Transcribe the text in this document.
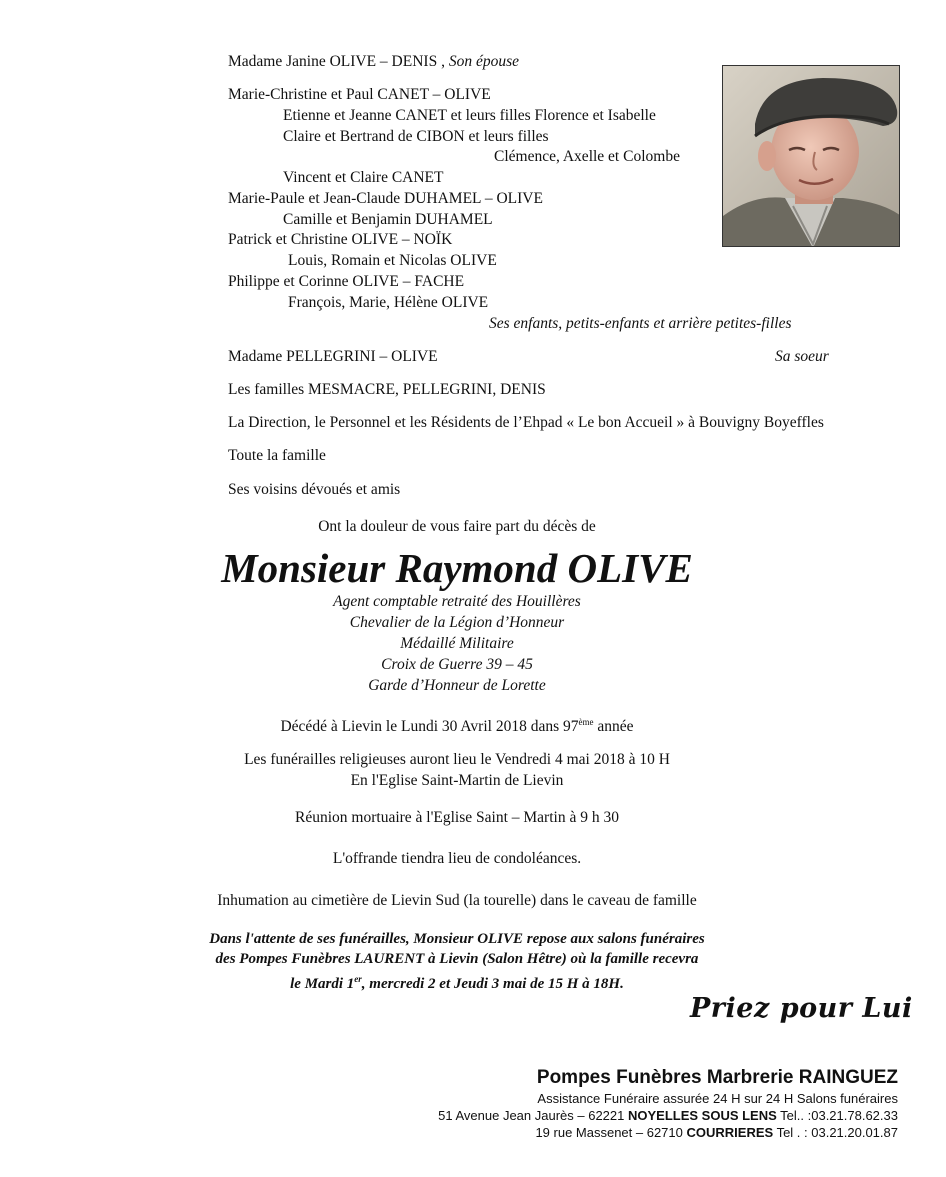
Madame Janine OLIVE – DENIS , Son épouse
Marie-Christine et Paul CANET – OLIVE
Etienne et Jeanne CANET et leurs filles Florence et Isabelle
Claire et Bertrand de CIBON et leurs filles
Clémence, Axelle et Colombe
Vincent et Claire CANET
Marie-Paule et Jean-Claude DUHAMEL – OLIVE
Camille et Benjamin DUHAMEL
Patrick et Christine OLIVE – NOÏK
Louis, Romain et Nicolas OLIVE
Philippe et Corinne OLIVE – FACHE
François, Marie, Hélène OLIVE
Ses enfants, petits-enfants et arrière petites-filles
Madame PELLEGRINI – OLIVE	Sa soeur
Les familles MESMACRE, PELLEGRINI, DENIS
La Direction, le Personnel et les Résidents de l’Ehpad « Le bon Accueil » à Bouvigny Boyeffles
Toute la famille
Ses voisins dévoués et amis
Ont la douleur de vous faire part du décès de
Monsieur Raymond OLIVE
Agent comptable retraité des Houillères
Chevalier de la Légion d’Honneur
Médaillé Militaire
Croix de Guerre 39 – 45
Garde d’Honneur de Lorette
Décédé à Lievin le Lundi 30 Avril 2018 dans 97ème année
Les funérailles religieuses auront lieu le Vendredi 4 mai 2018 à 10 H
En l'Eglise Saint-Martin de Lievin
Réunion mortuaire à l'Eglise Saint – Martin à 9 h 30
L'offrande tiendra lieu de condoléances.
Inhumation au cimetière de Lievin Sud (la tourelle) dans le caveau de famille
Dans l'attente de ses funérailles, Monsieur OLIVE repose aux salons funéraires
des Pompes Funèbres LAURENT à Lievin (Salon Hêtre) où la famille recevra
le Mardi 1er, mercredi 2 et Jeudi 3 mai de 15 H à 18H.
Priez pour Lui
Pompes Funèbres Marbrerie RAINGUEZ
Assistance Funéraire assurée 24 H sur 24 H Salons funéraires
51 Avenue Jean Jaurès – 62221 NOYELLES SOUS LENS Tel.. :03.21.78.62.33
19 rue Massenet – 62710 COURRIERES Tel . : 03.21.20.01.87
